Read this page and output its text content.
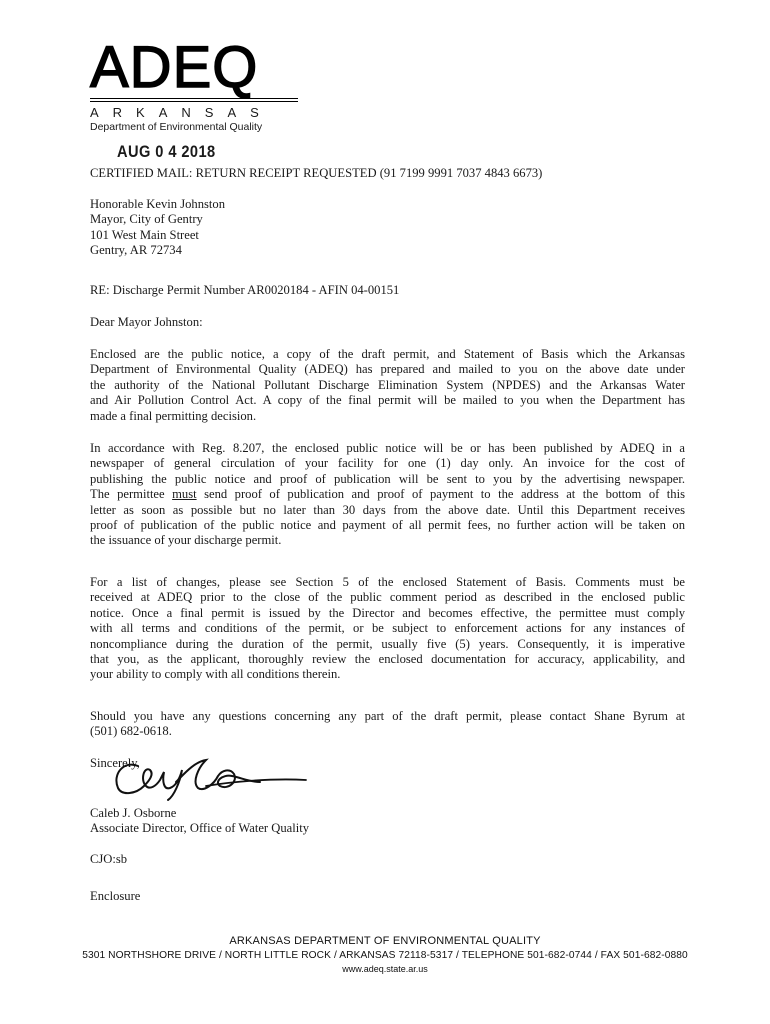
ADEQ
ARKANSAS
Department of Environmental Quality
AUG 0 4 2018
CERTIFIED MAIL: RETURN RECEIPT REQUESTED (91 7199 9991 7037 4843 6673)
Honorable Kevin Johnston
Mayor, City of Gentry
101 West Main Street
Gentry, AR 72734
RE: Discharge Permit Number AR0020184 - AFIN 04-00151
Dear Mayor Johnston:
Enclosed are the public notice, a copy of the draft permit, and Statement of Basis which the Arkansas
Department of Environmental Quality (ADEQ) has prepared and mailed to you on the above date under
the authority of the National Pollutant Discharge Elimination System (NPDES) and the Arkansas Water
and Air Pollution Control Act. A copy of the final permit will be mailed to you when the Department has
made a final permitting decision.
In accordance with Reg. 8.207, the enclosed public notice will be or has been published by ADEQ in a
newspaper of general circulation of your facility for one (1) day only. An invoice for the cost of
publishing the public notice and proof of publication will be sent to you by the advertising newspaper.
The permittee must send proof of publication and proof of payment to the address at the bottom of this
letter as soon as possible but no later than 30 days from the above date. Until this Department receives
proof of publication of the public notice and payment of all permit fees, no further action will be taken on
the issuance of your discharge permit.
For a list of changes, please see Section 5 of the enclosed Statement of Basis. Comments must be
received at ADEQ prior to the close of the public comment period as described in the enclosed public
notice. Once a final permit is issued by the Director and becomes effective, the permittee must comply
with all terms and conditions of the permit, or be subject to enforcement actions for any instances of
noncompliance during the duration of the permit, usually five (5) years. Consequently, it is imperative
that you, as the applicant, thoroughly review the enclosed documentation for accuracy, applicability, and
your ability to comply with all conditions therein.
Should you have any questions concerning any part of the draft permit, please contact Shane Byrum at
(501) 682-0618.
Sincerely,
Caleb J. Osborne
Associate Director, Office of Water Quality
CJO:sb
Enclosure
ARKANSAS DEPARTMENT OF ENVIRONMENTAL QUALITY
5301 NORTHSHORE DRIVE / NORTH LITTLE ROCK / ARKANSAS 72118-5317 / TELEPHONE 501-682-0744 / FAX 501-682-0880
www.adeq.state.ar.us
